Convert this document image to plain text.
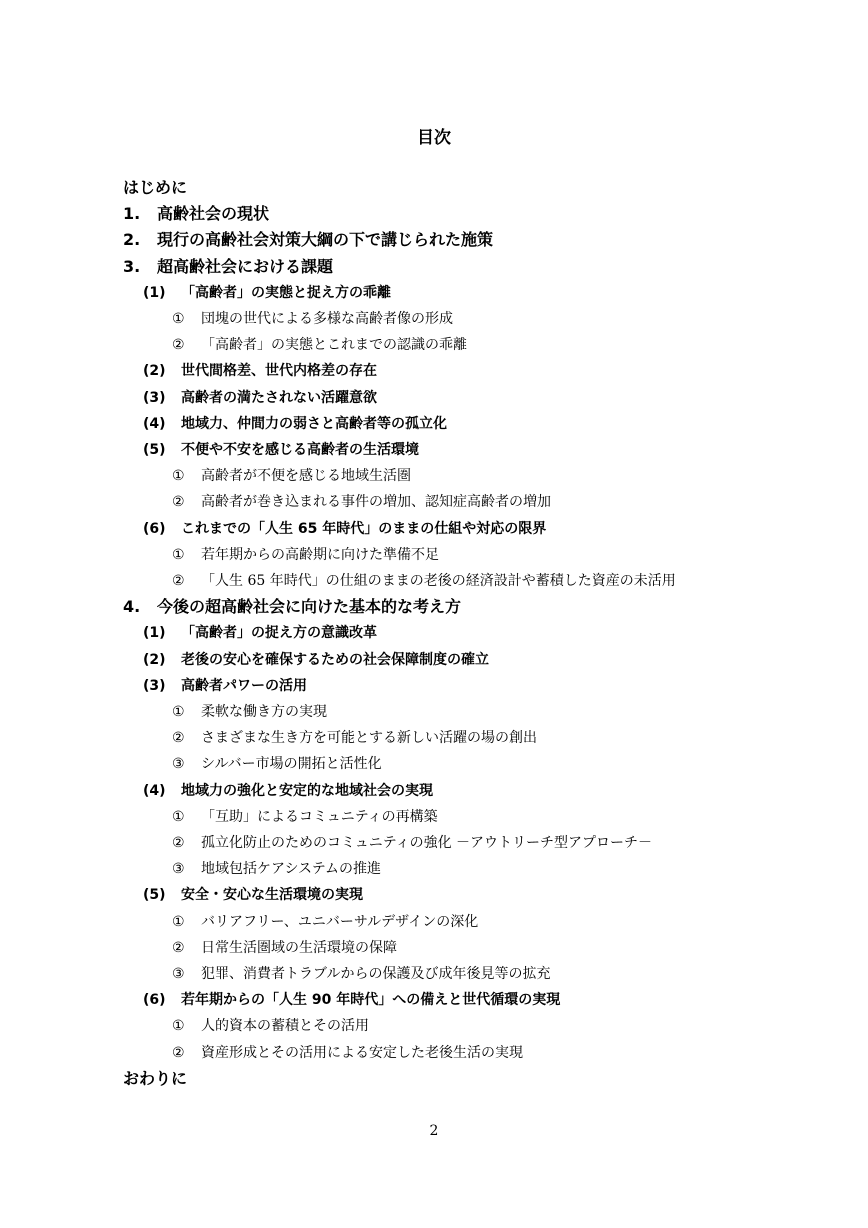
目次
はじめに
1. 高齢社会の現状
2. 現行の高齢社会対策大綱の下で講じられた施策
3. 超高齢社会における課題
(1) 「高齢者」の実態と捉え方の乖離
① 団塊の世代による多様な高齢者像の形成
② 「高齢者」の実態とこれまでの認識の乖離
(2) 世代間格差、世代内格差の存在
(3) 高齢者の満たされない活躍意欲
(4) 地域力、仲間力の弱さと高齢者等の孤立化
(5) 不便や不安を感じる高齢者の生活環境
① 高齢者が不便を感じる地域生活圏
② 高齢者が巻き込まれる事件の増加、認知症高齢者の増加
(6) これまでの「人生 65 年時代」のままの仕組や対応の限界
① 若年期からの高齢期に向けた準備不足
② 「人生 65 年時代」の仕組のままの老後の経済設計や蓄積した資産の未活用
4. 今後の超高齢社会に向けた基本的な考え方
(1) 「高齢者」の捉え方の意識改革
(2) 老後の安心を確保するための社会保障制度の確立
(3) 高齢者パワーの活用
① 柔軟な働き方の実現
② さまざまな生き方を可能とする新しい活躍の場の創出
③ シルバー市場の開拓と活性化
(4) 地域力の強化と安定的な地域社会の実現
① 「互助」によるコミュニティの再構築
② 孤立化防止のためのコミュニティの強化 －アウトリーチ型アプローチ－
③ 地域包括ケアシステムの推進
(5) 安全・安心な生活環境の実現
① バリアフリー、ユニバーサルデザインの深化
② 日常生活圏域の生活環境の保障
③ 犯罪、消費者トラブルからの保護及び成年後見等の拡充
(6) 若年期からの「人生 90 年時代」への備えと世代循環の実現
① 人的資本の蓄積とその活用
② 資産形成とその活用による安定した老後生活の実現
おわりに
2
